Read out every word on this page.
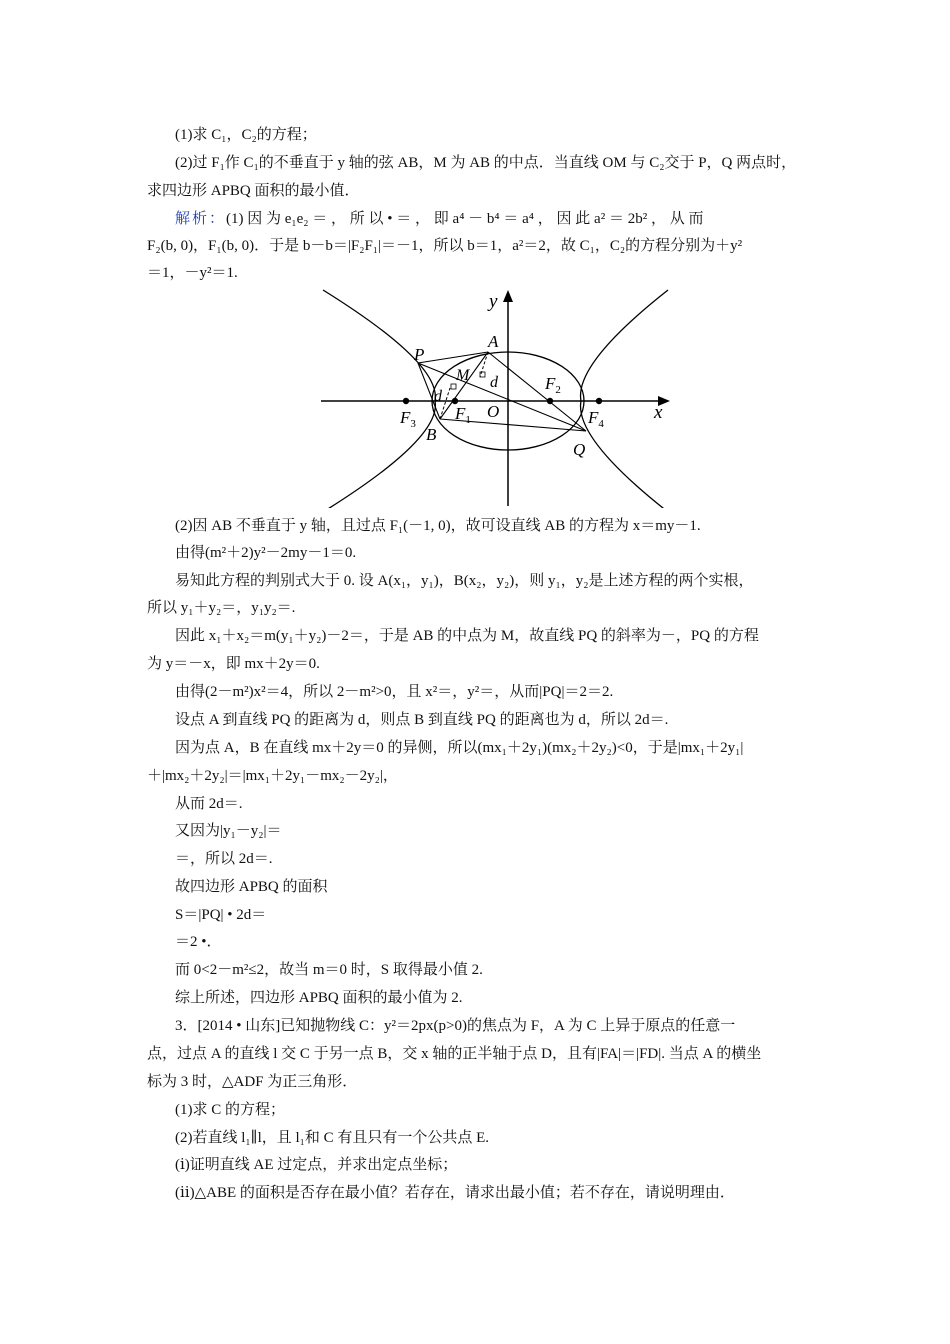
(1)求 C₁，C₂的方程；
(2)过 F₁作 C₁的不垂直于 y 轴的弦 AB，M 为 AB 的中点．当直线 OM 与 C₂交于 P，Q 两点时，
求四边形 APBQ 面积的最小值．
解析：(1) 因 为 e₁e₂ ＝ ， 所 以 • ＝ ， 即 a⁴ － b⁴ ＝ a⁴ ， 因 此 a² ＝ 2b² ， 从 而
F₂(b, 0)，F₁(b, 0)．于是 b－b＝|F₂F₁|＝－1，所以 b＝1，a²＝2，故 C₁，C₂的方程分别为＋y²
＝1，－y²＝1.
y
x
P
A
M d
d
$F_2$
$F_1$
$F_3$	$F_4$
O
B
Q
(2)因 AB 不垂直于 y 轴，且过点 F₁(－1, 0)，故可设直线 AB 的方程为 x＝my－1.
由得(m²＋2)y²－2my－1＝0.
易知此方程的判别式大于 0. 设 A(x₁，y₁)，B(x₂，y₂)，则 y₁，y₂是上述方程的两个实根，
所以 y₁＋y₂＝，y₁y₂＝.
因此 x₁＋x₂＝m(y₁＋y₂)－2＝，于是 AB 的中点为 M，故直线 PQ 的斜率为－，PQ 的方程
为 y＝－x，即 mx＋2y＝0.
由得(2－m²)x²＝4，所以 2－m²>0，且 x²＝，y²＝，从而|PQ|＝2＝2.
设点 A 到直线 PQ 的距离为 d，则点 B 到直线 PQ 的距离也为 d，所以 2d＝.
因为点 A，B 在直线 mx＋2y＝0 的异侧，所以(mx₁＋2y₁)(mx₂＋2y₂)<0，于是|mx₁＋2y₁|
＋|mx₂＋2y₂|＝|mx₁＋2y₁－mx₂－2y₂|，
从而 2d＝.
又因为|y₁－y₂|＝
＝，所以 2d＝.
故四边形 APBQ 的面积
S＝|PQ| • 2d＝
＝2 •．
而 0<2－m²≤2，故当 m＝0 时，S 取得最小值 2.
综上所述，四边形 APBQ 面积的最小值为 2.
3．[2014 • 山东]已知抛物线 C：y²＝2px(p>0)的焦点为 F，A 为 C 上异于原点的任意一
点，过点 A 的直线 l 交 C 于另一点 B，交 x 轴的正半轴于点 D，且有|FA|＝|FD|. 当点 A 的横坐
标为 3 时，△ADF 为正三角形．
(1)求 C 的方程；
(2)若直线 l₁∥l，且 l₁和 C 有且只有一个公共点 E.
(ⅰ)证明直线 AE 过定点，并求出定点坐标；
(ⅱ)△ABE 的面积是否存在最小值？若存在，请求出最小值；若不存在，请说明理由．
